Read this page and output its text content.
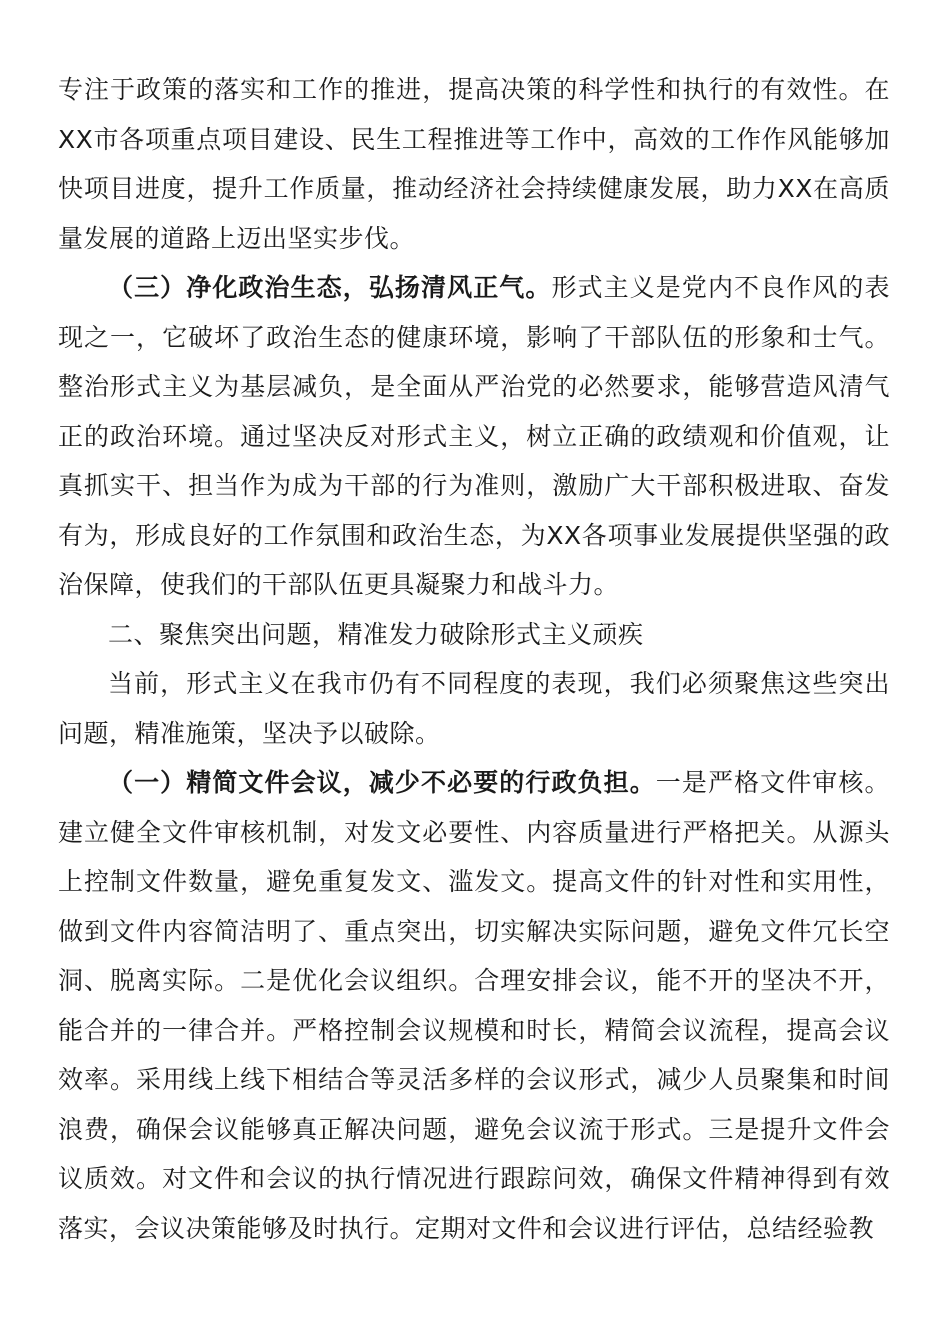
专注于政策的落实和工作的推进，提高决策的科学性和执行的有效性。在XX市各项重点项目建设、民生工程推进等工作中，高效的工作作风能够加快项目进度，提升工作质量，推动经济社会持续健康发展，助力XX在高质量发展的道路上迈出坚实步伐。

（三）净化政治生态，弘扬清风正气。形式主义是党内不良作风的表现之一，它破坏了政治生态的健康环境，影响了干部队伍的形象和士气。整治形式主义为基层减负，是全面从严治党的必然要求，能够营造风清气正的政治环境。通过坚决反对形式主义，树立正确的政绩观和价值观，让真抓实干、担当作为成为干部的行为准则，激励广大干部积极进取、奋发有为，形成良好的工作氛围和政治生态，为XX各项事业发展提供坚强的政治保障，使我们的干部队伍更具凝聚力和战斗力。

二、聚焦突出问题，精准发力破除形式主义顽疾

当前，形式主义在我市仍有不同程度的表现，我们必须聚焦这些突出问题，精准施策，坚决予以破除。

（一）精简文件会议，减少不必要的行政负担。一是严格文件审核。建立健全文件审核机制，对发文必要性、内容质量进行严格把关。从源头上控制文件数量，避免重复发文、滥发文。提高文件的针对性和实用性，做到文件内容简洁明了、重点突出，切实解决实际问题，避免文件冗长空洞、脱离实际。二是优化会议组织。合理安排会议，能不开的坚决不开，能合并的一律合并。严格控制会议规模和时长，精简会议流程，提高会议效率。采用线上线下相结合等灵活多样的会议形式，减少人员聚集和时间浪费，确保会议能够真正解决问题，避免会议流于形式。三是提升文件会议质效。对文件和会议的执行情况进行跟踪问效，确保文件精神得到有效落实，会议决策能够及时执行。定期对文件和会议进行评估，总结经验教
